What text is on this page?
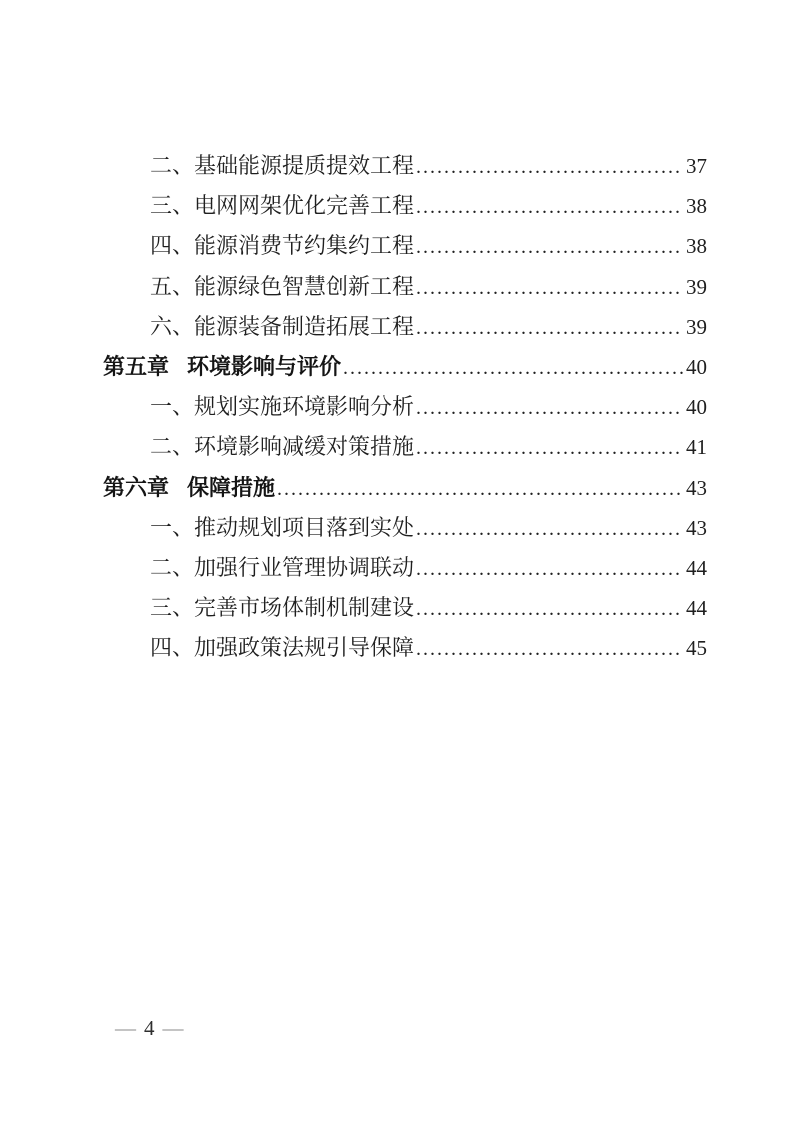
二、基础能源提质提效工程 .....	37
三、电网网架优化完善工程 .....	38
四、能源消费节约集约工程 .....	38
五、能源绿色智慧创新工程 .....	39
六、能源装备制造拓展工程 .....	39
第五章 环境影响与评价 .....	40
一、规划实施环境影响分析 .....	40
二、环境影响减缓对策措施 .....	41
第六章 保障措施 .....	43
一、推动规划项目落到实处 .....	43
二、加强行业管理协调联动 .....	44
三、完善市场体制机制建设 .....	44
四、加强政策法规引导保障 .....	45
— 4 —
